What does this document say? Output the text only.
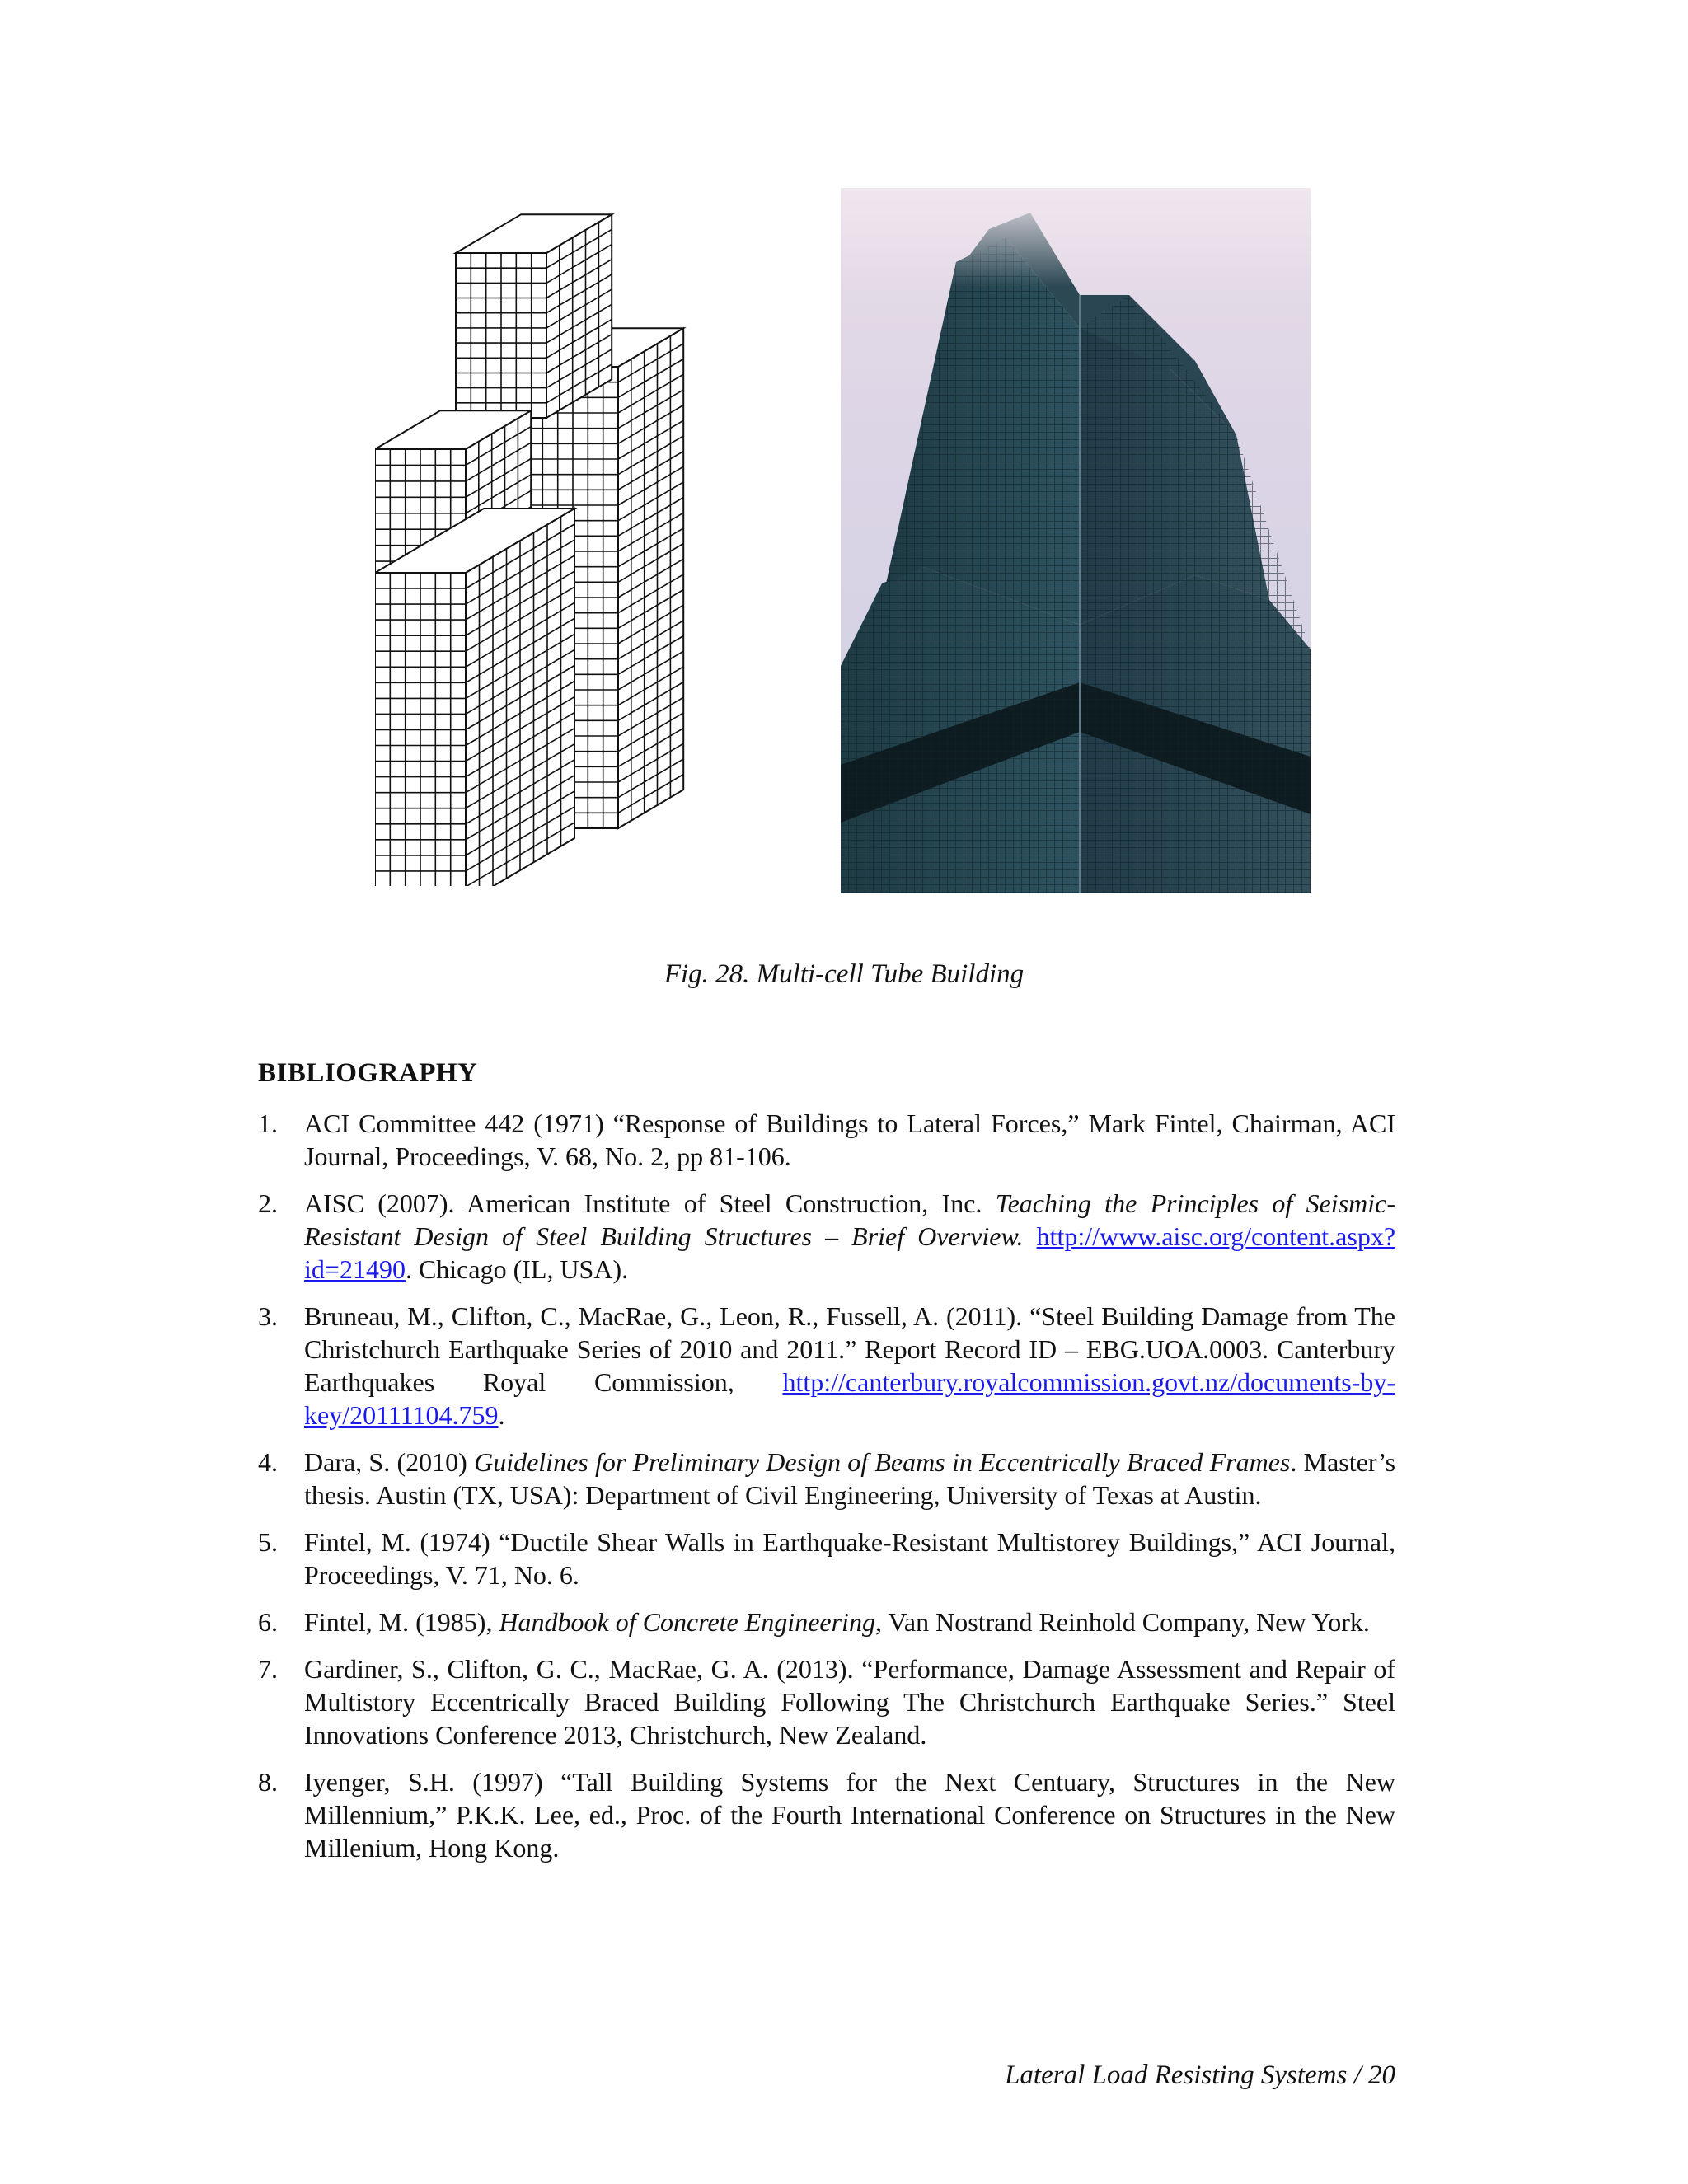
Fig. 28. Multi-cell Tube Building
BIBLIOGRAPHY
1. ACI Committee 442 (1971) “Response of Buildings to Lateral Forces,” Mark Fintel, Chairman, ACI Journal, Proceedings, V. 68, No. 2, pp 81-106.
2. AISC (2007). American Institute of Steel Construction, Inc. Teaching the Principles of Seismic-Resistant Design of Steel Building Structures – Brief Overview. http://www.aisc.org/content.aspx?id=21490. Chicago (IL, USA).
3. Bruneau, M., Clifton, C., MacRae, G., Leon, R., Fussell, A. (2011). “Steel Building Damage from The Christchurch Earthquake Series of 2010 and 2011.” Report Record ID – EBG.UOA.0003. Canterbury Earthquakes Royal Commission, http://canterbury.royalcommission.govt.nz/documents-by-key/20111104.759.
4. Dara, S. (2010) Guidelines for Preliminary Design of Beams in Eccentrically Braced Frames. Master’s thesis. Austin (TX, USA): Department of Civil Engineering, University of Texas at Austin.
5. Fintel, M. (1974) “Ductile Shear Walls in Earthquake-Resistant Multistorey Buildings,” ACI Journal, Proceedings, V. 71, No. 6.
6. Fintel, M. (1985), Handbook of Concrete Engineering, Van Nostrand Reinhold Company, New York.
7. Gardiner, S., Clifton, G. C., MacRae, G. A. (2013). “Performance, Damage Assessment and Repair of Multistory Eccentrically Braced Building Following The Christchurch Earthquake Series.” Steel Innovations Conference 2013, Christchurch, New Zealand.
8. Iyenger, S.H. (1997) “Tall Building Systems for the Next Centuary, Structures in the New Millennium,” P.K.K. Lee, ed., Proc. of the Fourth International Conference on Structures in the New Millenium, Hong Kong.
Lateral Load Resisting Systems / 20
